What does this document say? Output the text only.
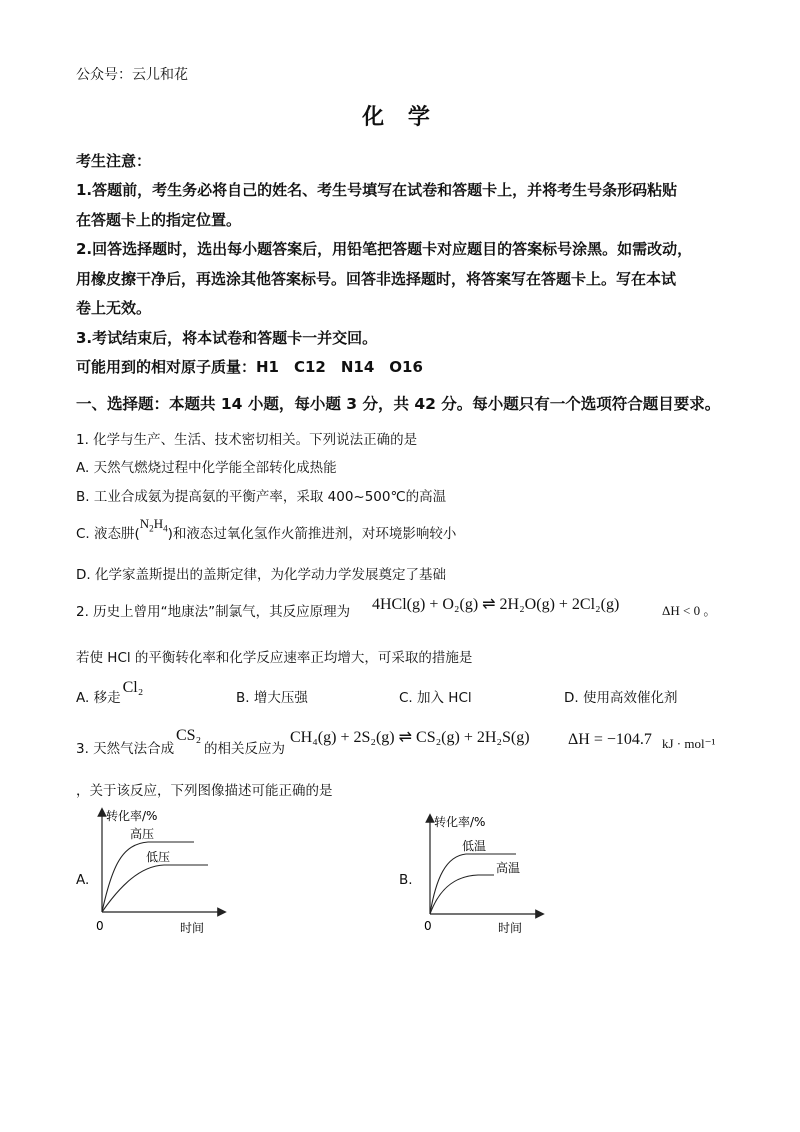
公众号：云儿和花
化 学
考生注意：
1.答题前，考生务必将自己的姓名、考生号填写在试卷和答题卡上，并将考生号条形码粘贴
在答题卡上的指定位置。
2.回答选择题时，选出每小题答案后，用铅笔把答题卡对应题目的答案标号涂黑。如需改动，
用橡皮擦干净后，再选涂其他答案标号。回答非选择题时，将答案写在答题卡上。写在本试
卷上无效。
3.考试结束后，将本试卷和答题卡一并交回。
可能用到的相对原子质量：H1　C12　N14　O16
一、选择题：本题共 14 小题，每小题 3 分，共 42 分。每小题只有一个选项符合题目要求。
1. 化学与生产、生活、技术密切相关。下列说法正确的是
A. 天然气燃烧过程中化学能全部转化成热能
B. 工业合成氨为提高氨的平衡产率，采取 400~500℃的高温
C. 液态肼$(N_2H_4)$和液态过氧化氢作火箭推进剂，对环境影响较小
D. 化学家盖斯提出的盖斯定律，为化学动力学发展奠定了基础
2. 历史上曾用“地康法”制氯气，其反应原理为 4HCl(g) + O₂(g) ⇌ 2H₂O(g) + 2Cl₂(g)	ΔH < 0 。
若使 HCl 的平衡转化率和化学反应速率正均增大，可采取的措施是
A. 移走Cl₂
B. 增大压强	C. 加入 HCl	D. 使用高效催化剂
3. 天然气法合成
CS₂
的相关反应为
CH₄(g) + 2S₂(g) ⇌ CS₂(g) + 2H₂S(g) ΔH = −104.7 kJ · mol⁻¹
，关于该反应，下列图像描述可能正确的是
A.
转化率/%
高压
低压
0	时间
B.
转化率/%
低温
高温
0	时间
